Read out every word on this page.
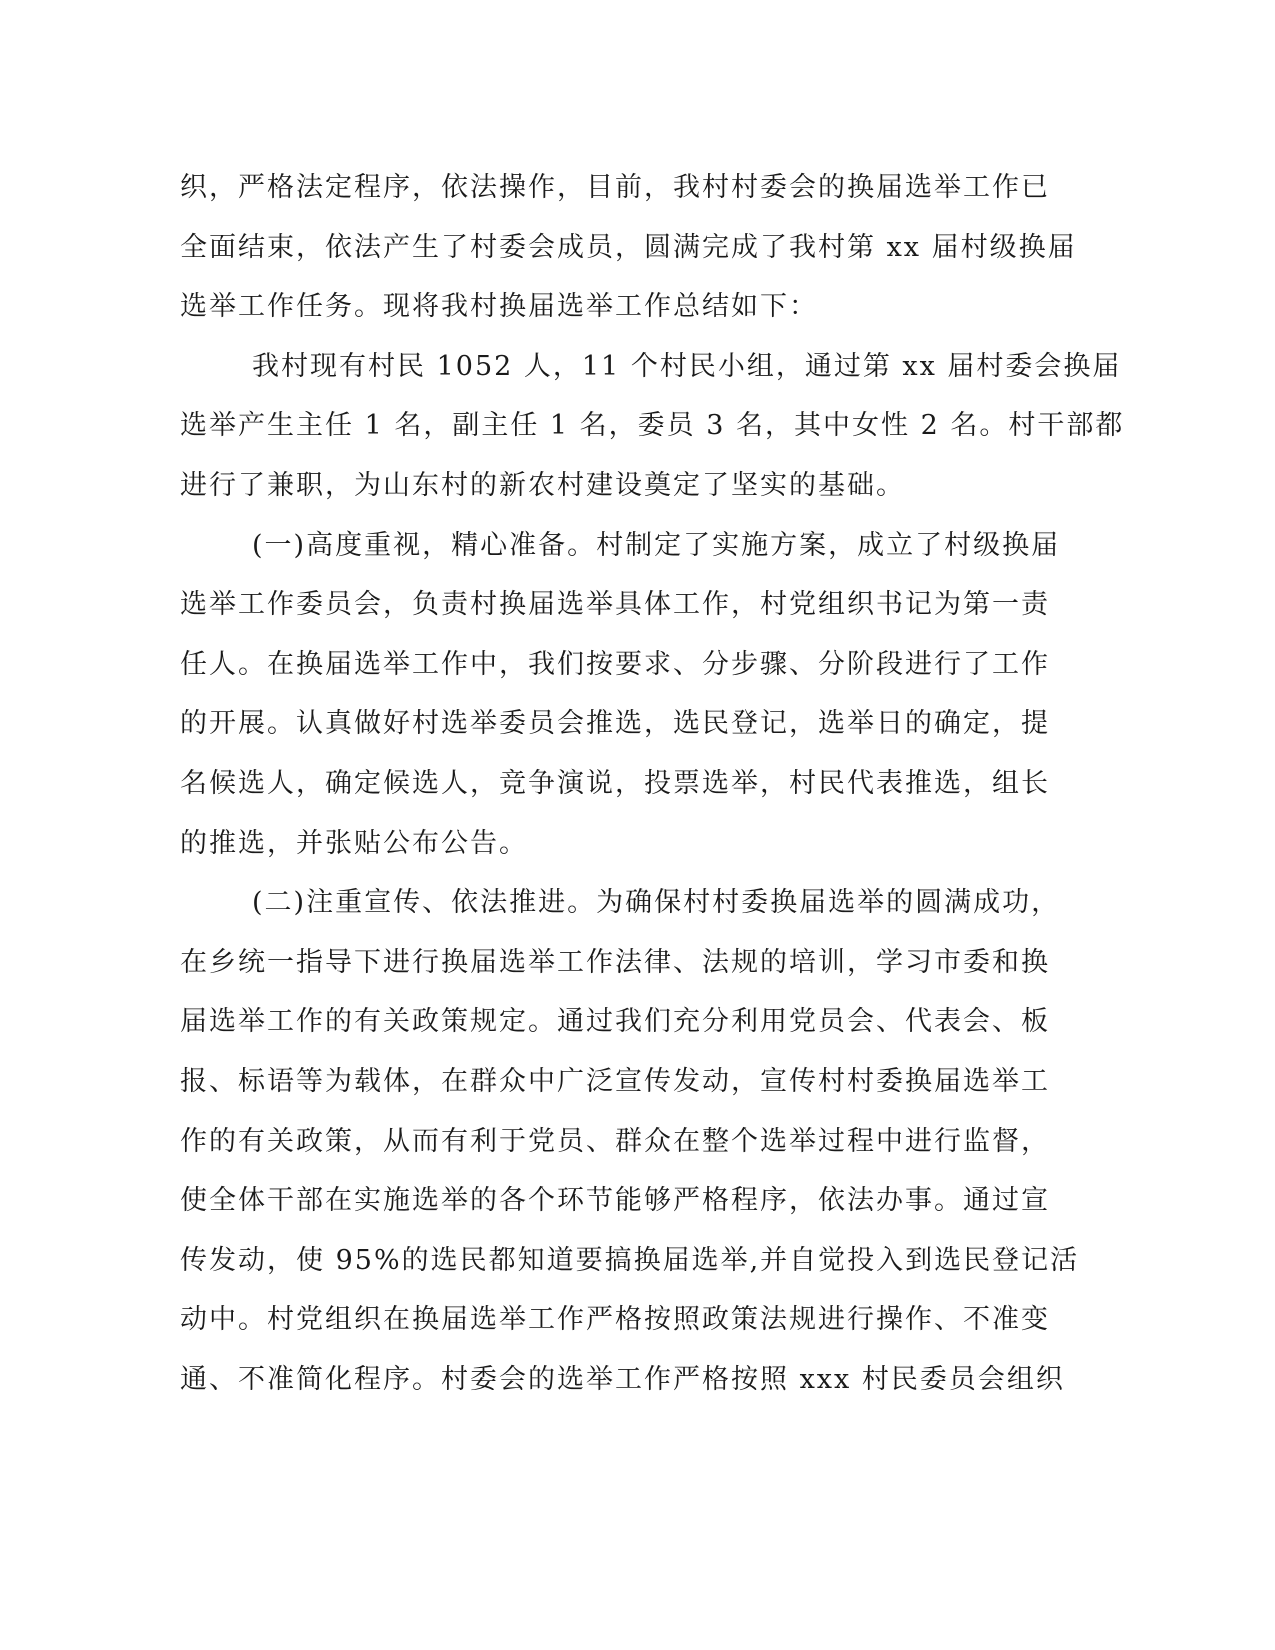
织，严格法定程序，依法操作，目前，我村村委会的换届选举工作已
全面结束，依法产生了村委会成员，圆满完成了我村第 xx 届村级换届
选举工作任务。现将我村换届选举工作总结如下：
我村现有村民 1052 人，11 个村民小组，通过第 xx 届村委会换届
选举产生主任 1 名，副主任 1 名，委员 3 名，其中女性 2 名。村干部都
进行了兼职，为山东村的新农村建设奠定了坚实的基础。
(一)高度重视，精心准备。村制定了实施方案，成立了村级换届
选举工作委员会，负责村换届选举具体工作，村党组织书记为第一责
任人。在换届选举工作中，我们按要求、分步骤、分阶段进行了工作
的开展。认真做好村选举委员会推选，选民登记，选举日的确定，提
名候选人，确定候选人，竞争演说，投票选举，村民代表推选，组长
的推选，并张贴公布公告。
(二)注重宣传、依法推进。为确保村村委换届选举的圆满成功，
在乡统一指导下进行换届选举工作法律、法规的培训，学习市委和换
届选举工作的有关政策规定。通过我们充分利用党员会、代表会、板
报、标语等为载体，在群众中广泛宣传发动，宣传村村委换届选举工
作的有关政策，从而有利于党员、群众在整个选举过程中进行监督，
使全体干部在实施选举的各个环节能够严格程序，依法办事。通过宣
传发动，使 95%的选民都知道要搞换届选举,并自觉投入到选民登记活
动中。村党组织在换届选举工作严格按照政策法规进行操作、不准变
通、不准简化程序。村委会的选举工作严格按照 xxx 村民委员会组织
